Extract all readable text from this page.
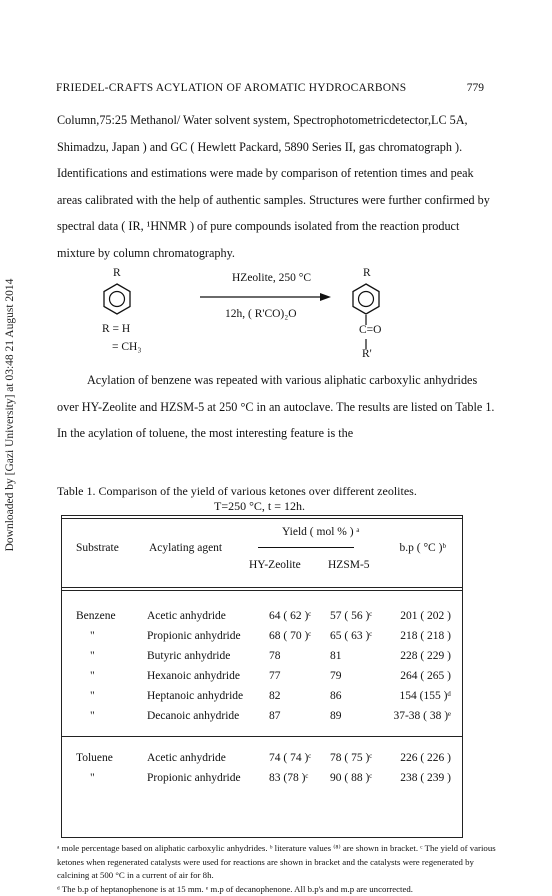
Downloaded by [Gazi University] at 03:48 21 August 2014
FRIEDEL-CRAFTS ACYLATION OF AROMATIC HYDROCARBONS	779
Column,75:25 Methanol/ Water solvent system, Spectrophotometricdetector,LC 5A, Shimadzu, Japan ) and GC ( Hewlett Packard, 5890 Series II, gas chromatograph ). Identifications and estimations were made by comparison of retention times and peak areas calibrated with the help of authentic samples. Structures were further confirmed by spectral data ( IR, ¹HNMR ) of pure compounds isolated from the reaction product mixture by column chromatography.
R
R = H
= CH₃
HZeolite, 250 °C
12h, ( R'CO)₂O
R
C=O
R'
Acylation of benzene was repeated with various aliphatic carboxylic anhydrides over HY-Zeolite and HZSM-5 at 250 °C in an autoclave. The results are listed on Table 1. In the acylation of toluene, the most interesting feature is the
Table 1. Comparison of the yield of various ketones over different zeolites.
T=250 °C, t = 12h.
Substrate	Acylating agent
Yield ( mol % ) ᵃ
b.p ( °C )ᵇ
HY-Zeolite HZSM-5
Benzene	Acetic anhydride	64 ( 62 )ᶜ 57 ( 56 )ᶜ 201 ( 202 )
"	Propionic anhydride 68 ( 70 )ᶜ 65 ( 63 )ᶜ 218 ( 218 )
"	Butyric anhydride	78	81	228 ( 229 )
"	Hexanoic anhydride	77	79	264 ( 265 )
"	Heptanoic anhydride 82	86	154 (155 )ᵈ
"	Decanoic anhydride	87	89	37-38 ( 38 )ᵉ
Toluene	Acetic anhydride	74 ( 74 )ᶜ 78 ( 75 )ᶜ 226 ( 226 )
"	Propionic anhydride 83 (78 )ᶜ 90 ( 88 )ᶜ 238 ( 239 )
ᵃ mole percentage based on aliphatic carboxylic anhydrides. ᵇ literature values ⁽⁸⁾ are shown in bracket. ᶜ The yield of various ketones when regenerated catalysts were used for reactions are shown in bracket and the catalysts were regenerated by calcining at 500 °C in a current of air for 8h.
ᵈ The b.p of heptanophenone is at 15 mm. ᵉ m.p of decanophenone. All b.p's and m.p are uncorrected.
